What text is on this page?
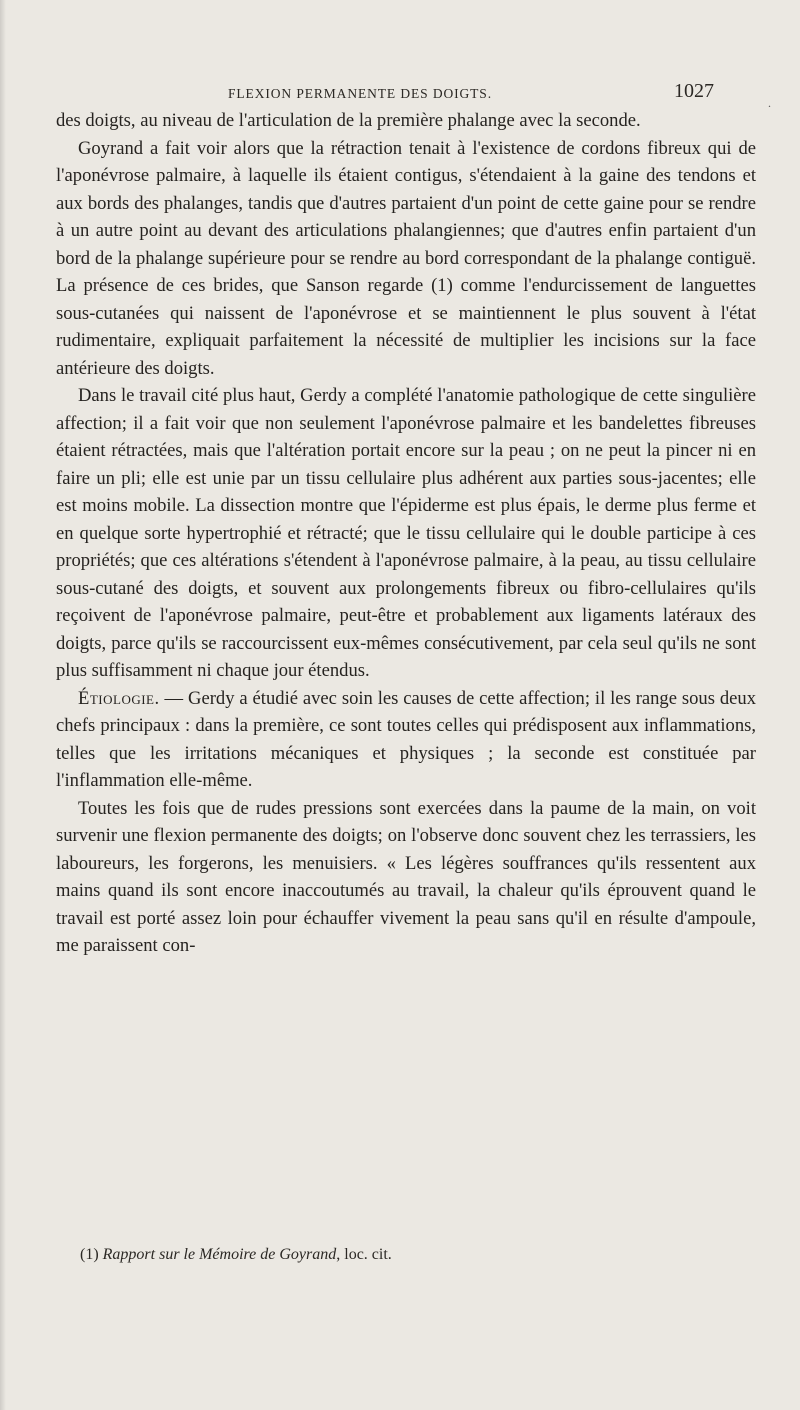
FLEXION PERMANENTE DES DOIGTS.	1027
.

des doigts, au niveau de l'articulation de la première phalange avec la seconde.

Goyrand a fait voir alors que la rétraction tenait à l'existence de cordons fibreux qui de l'aponévrose palmaire, à laquelle ils étaient contigus, s'étendaient à la gaine des tendons et aux bords des phalanges, tandis que d'autres partaient d'un point de cette gaine pour se rendre à un autre point au devant des articulations phalangiennes; que d'autres enfin partaient d'un bord de la phalange supérieure pour se rendre au bord correspondant de la phalange contiguë. La présence de ces brides, que Sanson regarde (1) comme l'endurcissement de languettes sous-cutanées qui naissent de l'aponévrose et se maintiennent le plus souvent à l'état rudimentaire, expliquait parfaitement la nécessité de multiplier les incisions sur la face antérieure des doigts.

Dans le travail cité plus haut, Gerdy a complété l'anatomie pathologique de cette singulière affection; il a fait voir que non seulement l'aponévrose palmaire et les bandelettes fibreuses étaient rétractées, mais que l'altération portait encore sur la peau ; on ne peut la pincer ni en faire un pli; elle est unie par un tissu cellulaire plus adhérent aux parties sous-jacentes; elle est moins mobile. La dissection montre que l'épiderme est plus épais, le derme plus ferme et en quelque sorte hypertrophié et rétracté; que le tissu cellulaire qui le double participe à ces propriétés; que ces altérations s'étendent à l'aponévrose palmaire, à la peau, au tissu cellulaire sous-cutané des doigts, et souvent aux prolongements fibreux ou fibro-cellulaires qu'ils reçoivent de l'aponévrose palmaire, peut-être et probablement aux ligaments latéraux des doigts, parce qu'ils se raccourcissent eux-mêmes consécutivement, par cela seul qu'ils ne sont plus suffisamment ni chaque jour étendus.

Étiologie. — Gerdy a étudié avec soin les causes de cette affection; il les range sous deux chefs principaux : dans la première, ce sont toutes celles qui prédisposent aux inflammations, telles que les irritations mécaniques et physiques ; la seconde est constituée par l'inflammation elle-même.

Toutes les fois que de rudes pressions sont exercées dans la paume de la main, on voit survenir une flexion permanente des doigts; on l'observe donc souvent chez les terrassiers, les laboureurs, les forgerons, les menuisiers. « Les légères souffrances qu'ils ressentent aux mains quand ils sont encore inaccoutumés au travail, la chaleur qu'ils éprouvent quand le travail est porté assez loin pour échauffer vivement la peau sans qu'il en résulte d'ampoule, me paraissent con-

(1) Rapport sur le Mémoire de Goyrand, loc. cit.
